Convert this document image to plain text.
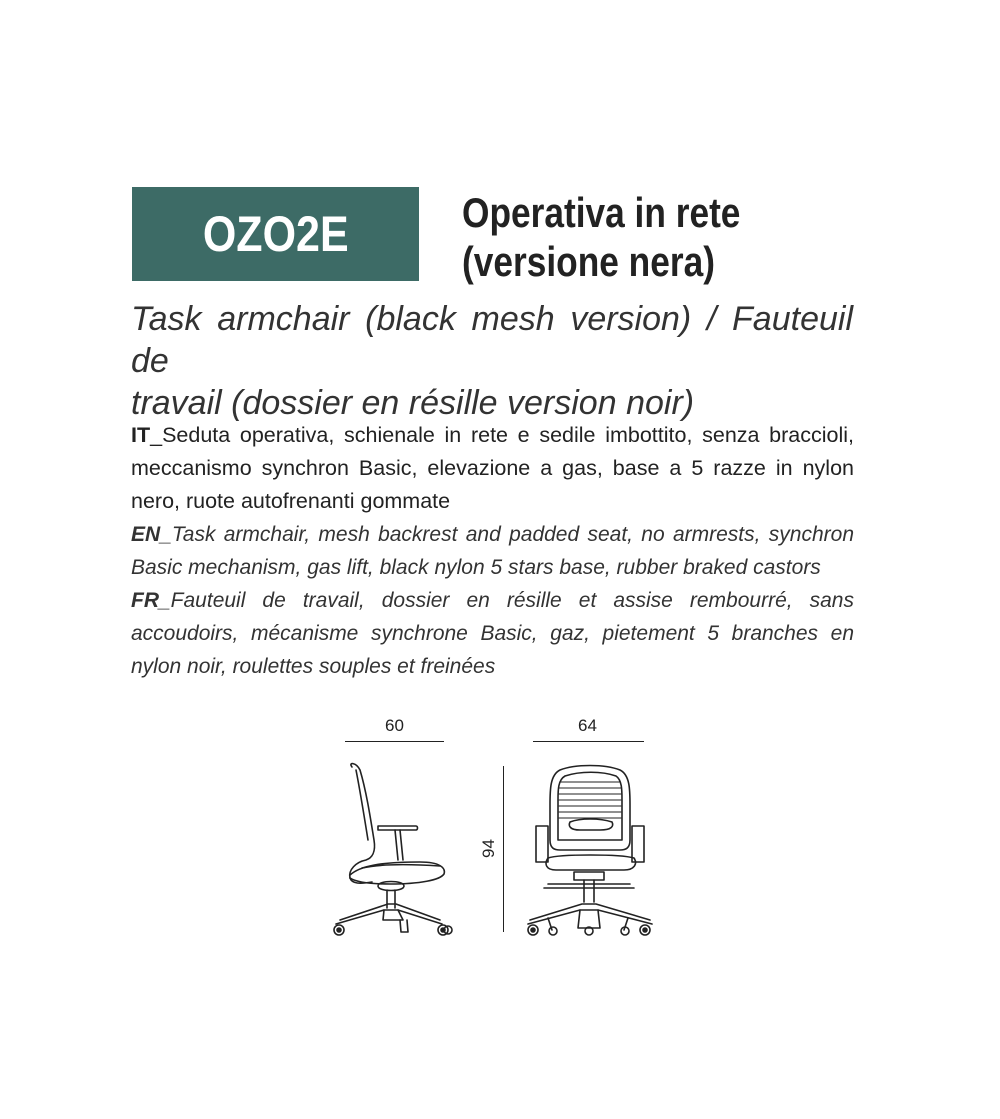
OZO2E	Operativa in rete
(versione nera)
Task armchair (black mesh version) / Fauteuil de
travail (dossier en résille version noir)

IT_Seduta operativa, schienale in rete e sedile imbottito, senza braccioli, meccanismo synchron Basic, elevazione a gas, base a 5 razze in nylon nero, ruote autofrenanti gommate

EN_Task armchair, mesh backrest and padded seat, no armrests, synchron Basic mechanism, gas lift, black nylon 5 stars base, rubber braked castors

FR_Fauteuil de travail, dossier en résille et assise rembourré, sans accoudoirs, mécanisme synchrone Basic, gaz, pietement 5 branches en nylon noir, roulettes souples et freinées

60	64
94
